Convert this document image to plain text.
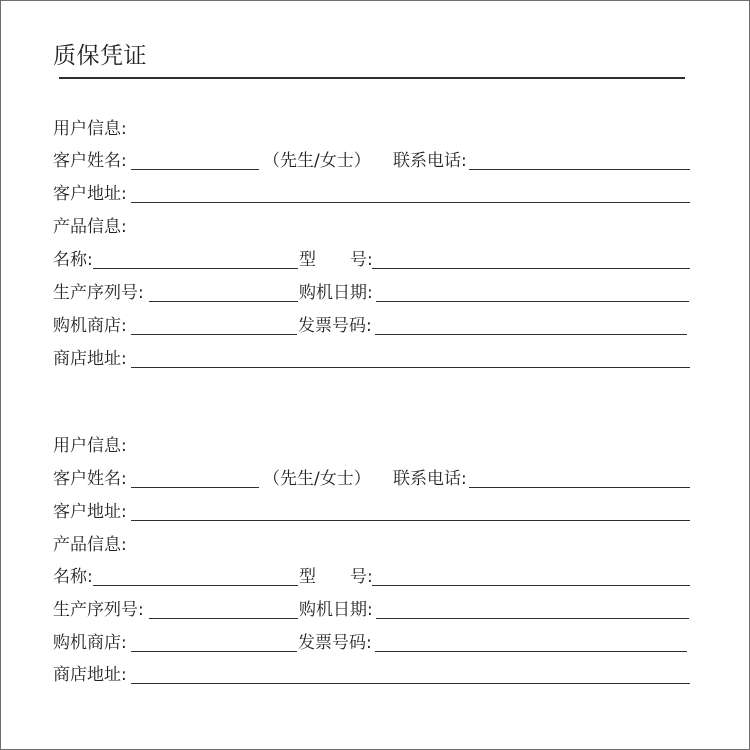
质保凭证
用户信息:
客户姓名:	（先生/女士） 联系电话:
客户地址:
产品信息:
名称:	型 号:
生产序列号:	购机日期:
购机商店:	发票号码:
商店地址:
用户信息:
客户姓名:	（先生/女士） 联系电话:
客户地址:
产品信息:
名称:	型 号:
生产序列号:	购机日期:
购机商店:	发票号码:
商店地址:
